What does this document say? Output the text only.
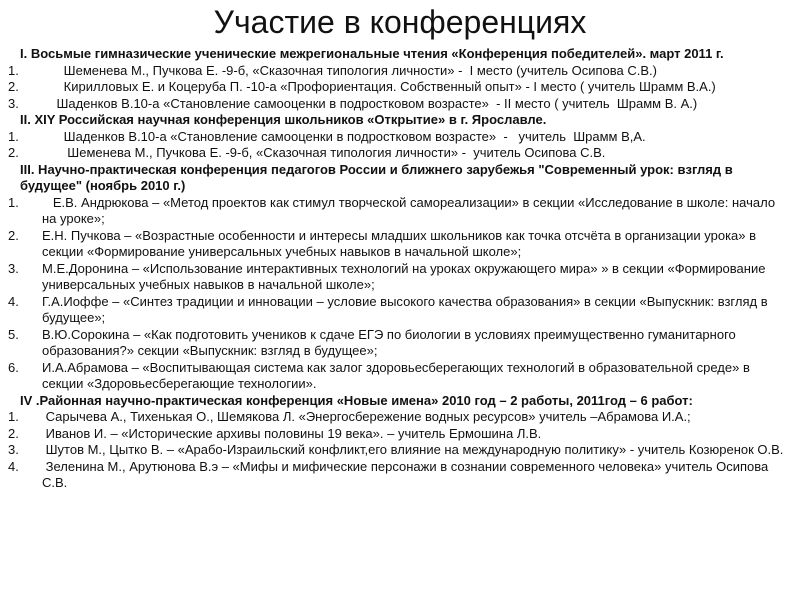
Участие в конференциях
I. Восьмые гимназические ученические межрегиональные чтения «Конференция победителей». март 2011 г.
1.	Шеменева М., Пучкова Е. -9-б, «Сказочная типология личности» -  I место (учитель Осипова С.В.)
2.	Кирилловых Е. и Коцеруба П. -10-а «Профориентация. Собственный опыт» - I место ( учитель Шрамм В.А.)
3.	Шаденков В.10-а «Становление самооценки в подростковом возрасте»  - II место ( учитель  Шрамм В. А.)
II. XIY Российская научная конференция школьников «Открытие» в г. Ярославле.
1.	Шаденков В.10-а «Становление самооценки в подростковом возрасте»  -   учитель  Шрамм В,А.
2.	Шеменева М., Пучкова Е. -9-б, «Сказочная типология личности» -  учитель Осипова С.В.
III. Научно-практическая конференция педагогов России и ближнего зарубежья "Современный урок: взгляд в будущее" (ноябрь 2010 г.)
1.	Е.В. Андрюкова – «Метод проектов как стимул творческой самореализации» в секции «Исследование в школе: начало на уроке»;
2.	Е.Н. Пучкова – «Возрастные особенности и интересы младших школьников как точка отсчёта в организации урока» в секции «Формирование универсальных учебных навыков в начальной школе»;
3.	М.Е.Доронина – «Использование интерактивных технологий на уроках окружающего мира» » в секции «Формирование универсальных учебных навыков в начальной школе»;
4.	Г.А.Иоффе – «Синтез традиции и инновации – условие высокого качества образования» в секции «Выпускник: взгляд в будущее»;
5.	В.Ю.Сорокина – «Как подготовить учеников к сдаче ЕГЭ по биологии в условиях преимущественно гуманитарного образования?» секции «Выпускник: взгляд в будущее»;
6.	И.А.Абрамова – «Воспитывающая система как залог здоровьесберегающих технологий в образовательной среде» в секции «Здоровьесберегающие технологии».
IV .Районная научно-практическая конференция «Новые имена» 2010 год – 2 работы, 2011год – 6 работ:
1.	Сарычева А., Тихенькая О., Шемякова Л. «Энергосбережение водных ресурсов» учитель –Абрамова И.А.;
2.	Иванов И. – «Исторические архивы половины 19 века». – учитель Ермошина Л.В.
3.	Шутов М., Цытко В. – «Арабо-Израильский конфликт,его влияние на международную политику» - учитель Козюренок О.В.
4.	Зеленина М., Арутюнова В.э – «Мифы и мифические персонажи в сознании современного человека» учитель Осипова С.В.
